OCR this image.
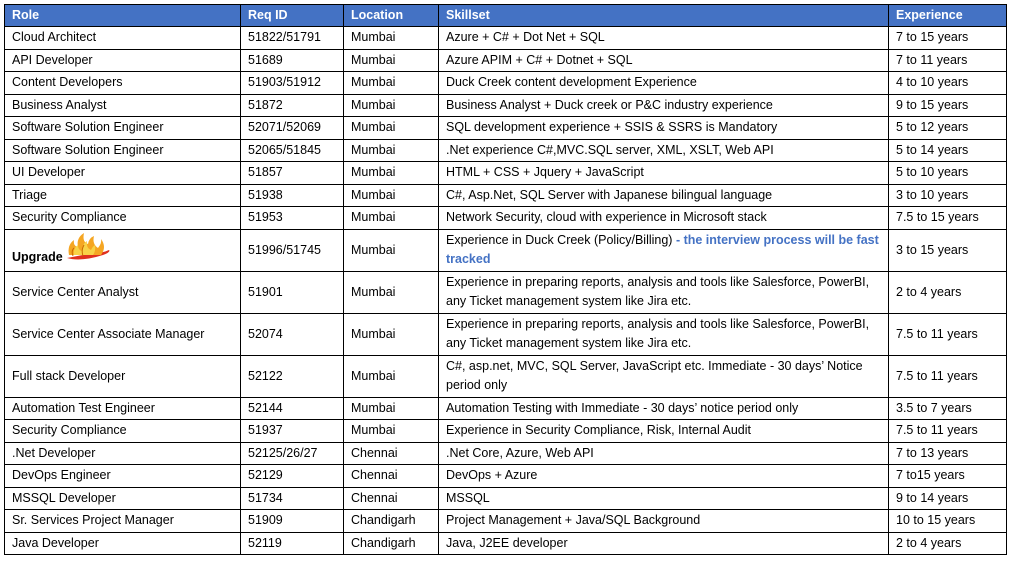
Role	Req ID	Location	Skillset	Experience
Cloud Architect	51822/51791	Mumbai	Azure + C# + Dot Net + SQL	7 to 15 years
API Developer	51689	Mumbai	Azure APIM + C# + Dotnet + SQL	7 to 11 years
Content Developers	51903/51912	Mumbai	Duck Creek content development Experience	4 to 10 years
Business Analyst	51872	Mumbai	Business Analyst + Duck creek or P&C industry experience	9 to 15 years
Software Solution Engineer	52071/52069	Mumbai	SQL development experience + SSIS & SSRS is Mandatory	5 to 12 years
Software Solution Engineer	52065/51845	Mumbai	.Net experience C#,MVC.SQL server, XML, XSLT, Web API	5 to 14 years
UI Developer	51857	Mumbai	HTML + CSS + Jquery + JavaScript	5 to 10 years
Triage	51938	Mumbai	C#, Asp.Net, SQL Server with Japanese bilingual language	3 to 10 years
Security Compliance	51953	Mumbai	Network Security, cloud with experience in Microsoft stack	7.5 to 15 years

Upgrade	51996/51745	Mumbai	Experience in Duck Creek (Policy/Billing) - the interview process will be fast tracked	3 to 15 years
Service Center Analyst	51901	Mumbai	Experience in preparing reports, analysis and tools like Salesforce, PowerBI, any Ticket management system like Jira etc.	2 to 4 years
Service Center Associate Manager	52074	Mumbai	Experience in preparing reports, analysis and tools like Salesforce, PowerBI, any Ticket management system like Jira etc.	7.5 to 11 years
Full stack Developer	52122	Mumbai	C#, asp.net, MVC, SQL Server, JavaScript etc. Immediate - 30 days’ Notice period only	7.5 to 11 years
Automation Test Engineer	52144	Mumbai	Automation Testing with Immediate - 30 days’ notice period only	3.5 to 7 years
Security Compliance	51937	Mumbai	Experience in Security Compliance, Risk, Internal Audit	7.5 to 11 years
.Net Developer	52125/26/27	Chennai	.Net Core, Azure, Web API	7 to 13 years
DevOps Engineer	52129	Chennai	DevOps + Azure	7 to15 years
MSSQL Developer	51734	Chennai	MSSQL	9 to 14 years
Sr. Services Project Manager	51909	Chandigarh	Project Management + Java/SQL Background	10 to 15 years
Java Developer	52119	Chandigarh	Java, J2EE developer	2 to 4 years
